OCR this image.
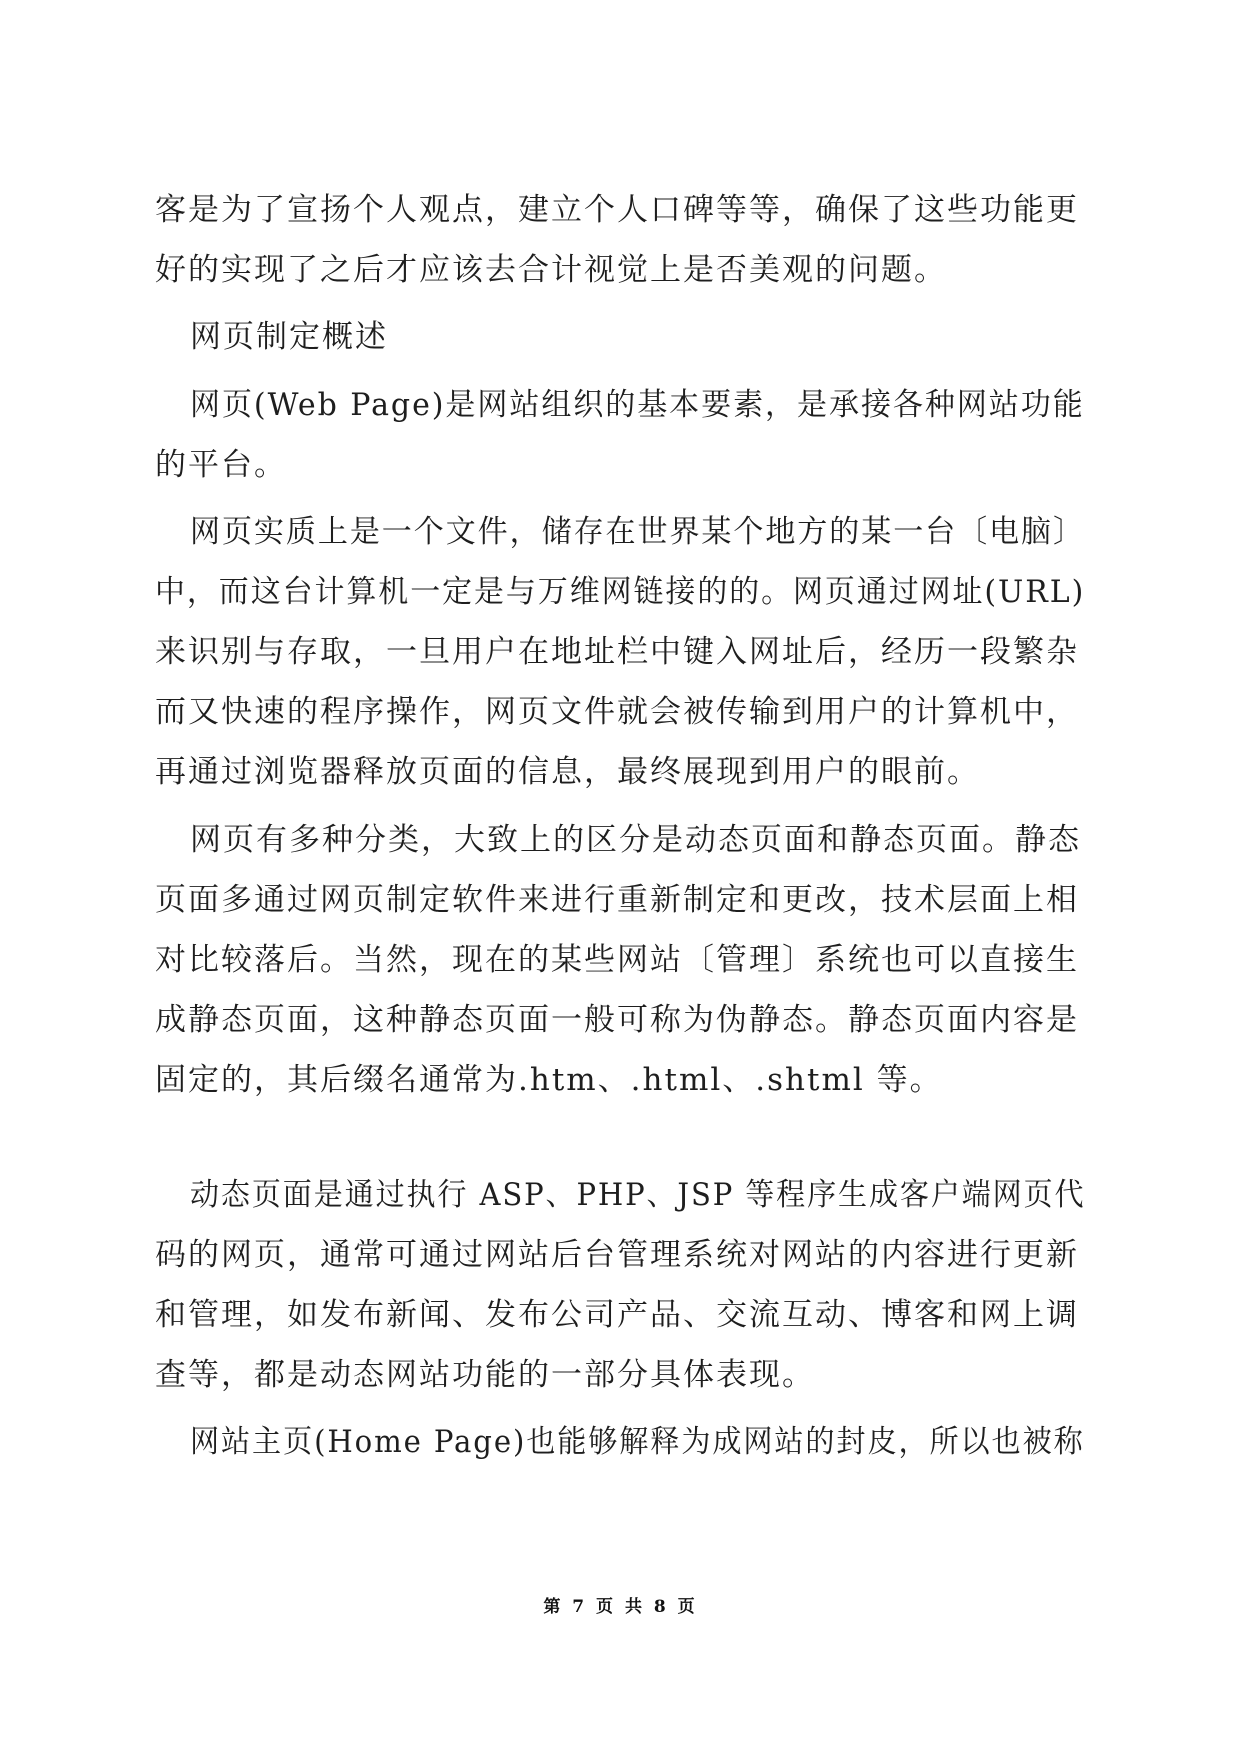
客是为了宣扬个人观点，建立个人口碑等等，确保了这些功能更
好的实现了之后才应该去合计视觉上是否美观的问题。
网页制定概述
网页(Web Page)是网站组织的基本要素，是承接各种网站功能
的平台。
网页实质上是一个文件，储存在世界某个地方的某一台〔电脑〕
中，而这台计算机一定是与万维网链接的的。网页通过网址(URL)
来识别与存取，一旦用户在地址栏中键入网址后，经历一段繁杂
而又快速的程序操作，网页文件就会被传输到用户的计算机中，
再通过浏览器释放页面的信息，最终展现到用户的眼前。
网页有多种分类，大致上的区分是动态页面和静态页面。静态
页面多通过网页制定软件来进行重新制定和更改，技术层面上相
对比较落后。当然，现在的某些网站〔管理〕系统也可以直接生
成静态页面，这种静态页面一般可称为伪静态。静态页面内容是
固定的，其后缀名通常为.htm、.html、.shtml 等。
动态页面是通过执行 ASP、PHP、JSP 等程序生成客户端网页代
码的网页，通常可通过网站后台管理系统对网站的内容进行更新
和管理，如发布新闻、发布公司产品、交流互动、博客和网上调
查等，都是动态网站功能的一部分具体表现。
网站主页(Home Page)也能够解释为成网站的封皮，所以也被称
第 7 页 共 8 页
